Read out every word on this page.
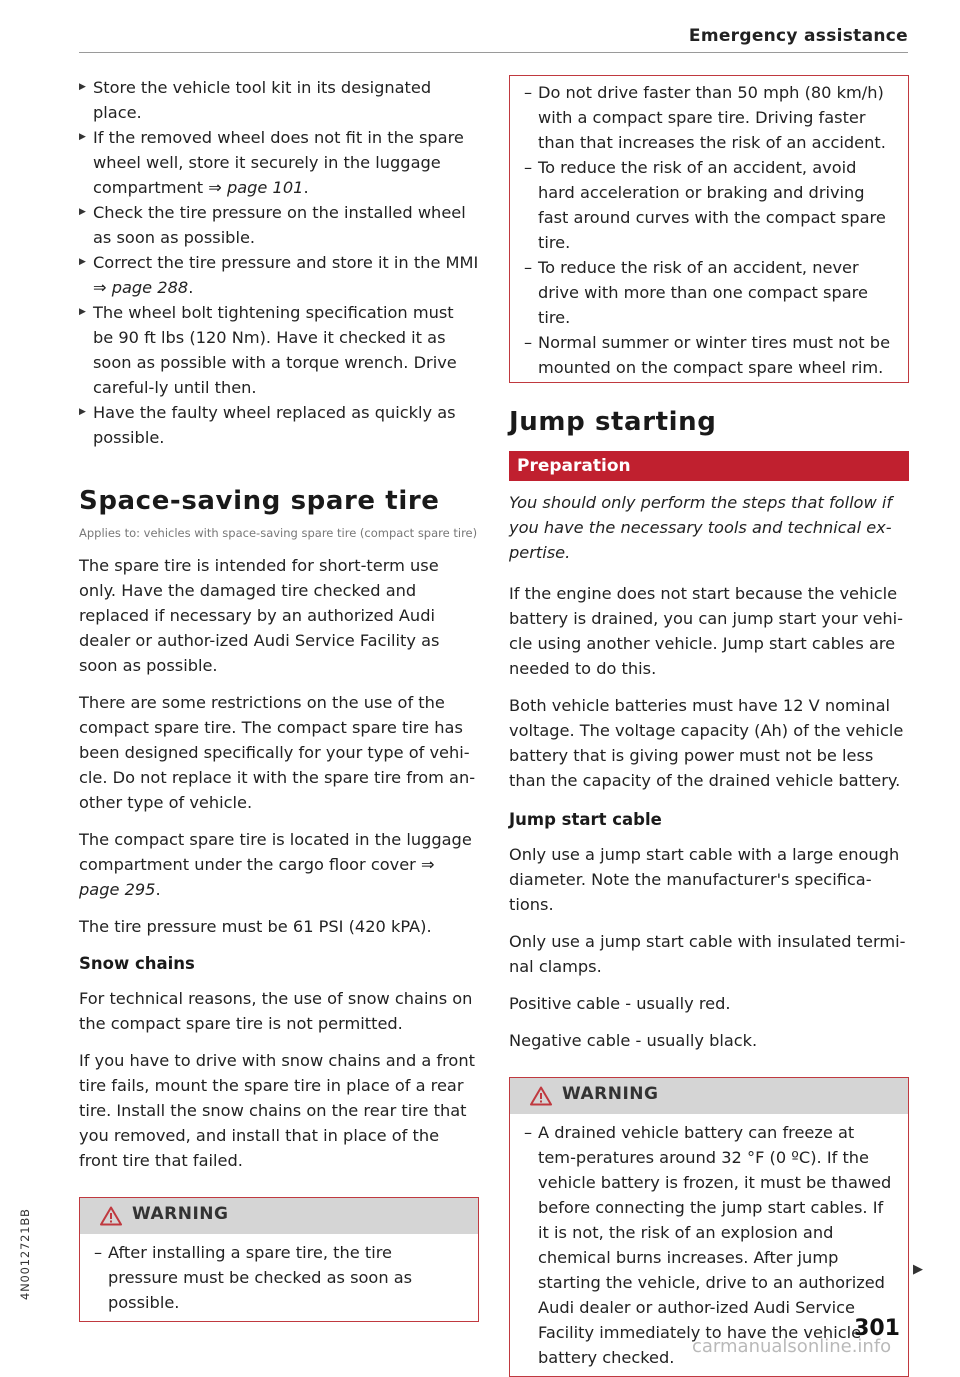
Emergency assistance
▶ Store the vehicle tool kit in its designated place.
▶ If the removed wheel does not fit in the spare wheel well, store it securely in the luggage compartment ⇒ page 101.
▶ Check the tire pressure on the installed wheel as soon as possible.
▶ Correct the tire pressure and store it in the MMI ⇒ page 288.
▶ The wheel bolt tightening specification must be 90 ft lbs (120 Nm). Have it checked it as soon as possible with a torque wrench. Drive careful-ly until then.
▶ Have the faulty wheel replaced as quickly as possible.
Space-saving spare tire
Applies to: vehicles with space-saving spare tire (compact spare tire)

The spare tire is intended for short-term use only. Have the damaged tire checked and replaced if necessary by an authorized Audi dealer or author-ized Audi Service Facility as soon as possible.

There are some restrictions on the use of the compact spare tire. The compact spare tire has been designed specifically for your type of vehi-cle. Do not replace it with the spare tire from an-other type of vehicle.

The compact spare tire is located in the luggage compartment under the cargo floor cover ⇒ page 295.

The tire pressure must be 61 PSI (420 kPA).

Snow chains

For technical reasons, the use of snow chains on the compact spare tire is not permitted.

If you have to drive with snow chains and a front tire fails, mount the spare tire in place of a rear tire. Install the snow chains on the rear tire that you removed, and install that in place of the front tire that failed.

WARNING
– After installing a spare tire, the tire pressure must be checked as soon as possible.
– Do not drive faster than 50 mph (80 km/h) with a compact spare tire. Driving faster than that increases the risk of an accident.
– To reduce the risk of an accident, avoid hard acceleration or braking and driving fast around curves with the compact spare tire.
– To reduce the risk of an accident, never drive with more than one compact spare tire.
– Normal summer or winter tires must not be mounted on the compact spare wheel rim.
Jump starting
Preparation

You should only perform the steps that follow if you have the necessary tools and technical ex-pertise.

If the engine does not start because the vehicle battery is drained, you can jump start your vehi-cle using another vehicle. Jump start cables are needed to do this.

Both vehicle batteries must have 12 V nominal voltage. The voltage capacity (Ah) of the vehicle battery that is giving power must not be less than the capacity of the drained vehicle battery.

Jump start cable

Only use a jump start cable with a large enough diameter. Note the manufacturer's specifica-tions.

Only use a jump start cable with insulated termi-nal clamps.

Positive cable - usually red.

Negative cable - usually black.

WARNING
– A drained vehicle battery can freeze at tem-peratures around 32 °F (0 ºC). If the vehicle battery is frozen, it must be thawed before connecting the jump start cables. If it is not, the risk of an explosion and chemical burns increases. After jump starting the vehicle, drive to an authorized Audi dealer or author-ized Audi Service Facility immediately to have the vehicle battery checked.
▶
4N0012721BB
301
carmanualsonline.info
